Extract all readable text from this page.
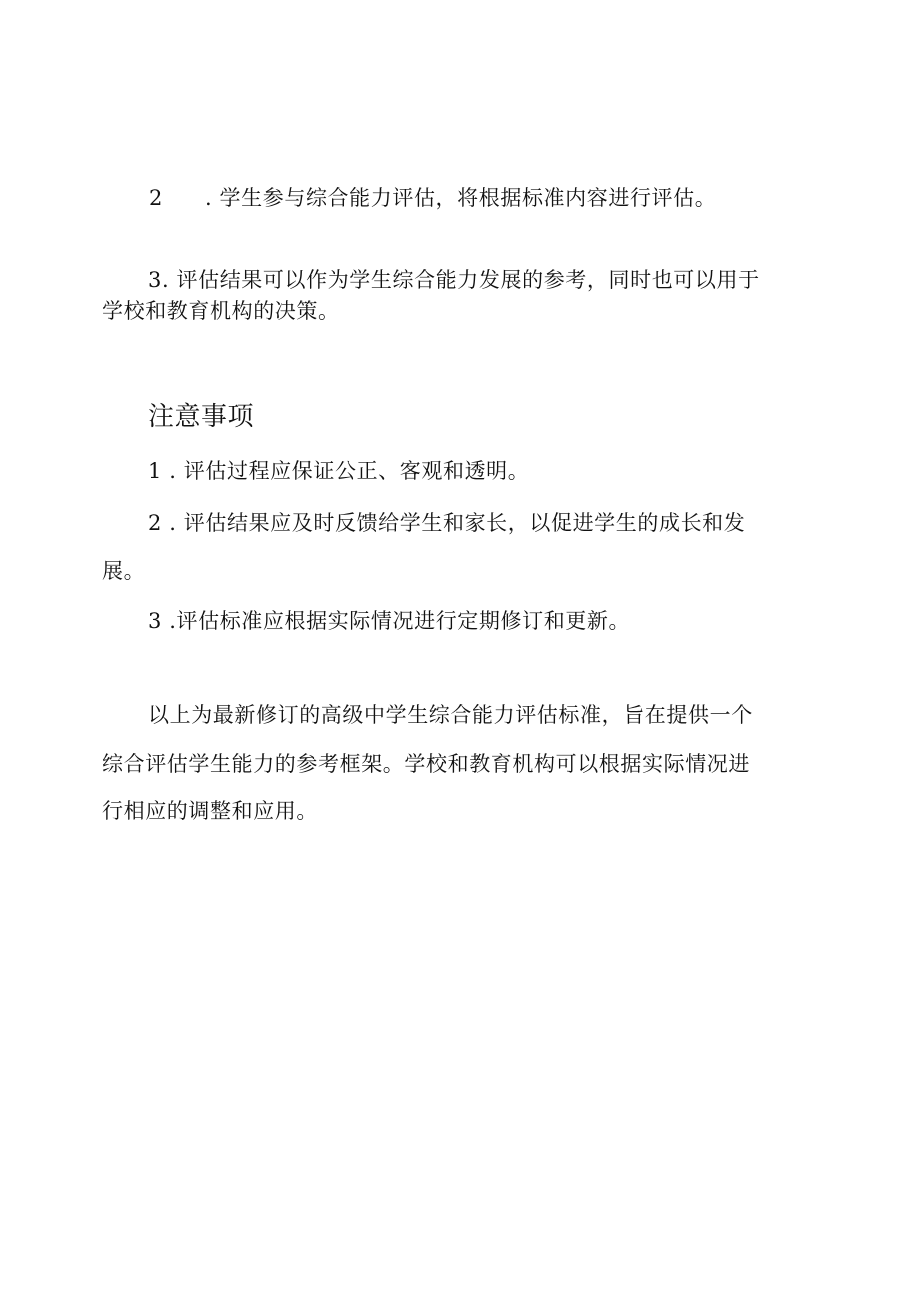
2 . 学生参与综合能力评估，将根据标准内容进行评估。

3. 评估结果可以作为学生综合能力发展的参考，同时也可以用于

学校和教育机构的决策。

注意事项

1 . 评估过程应保证公正、客观和透明。

2 . 评估结果应及时反馈给学生和家长，以促进学生的成长和发

展。

3 .评估标准应根据实际情况进行定期修订和更新。

以上为最新修订的高级中学生综合能力评估标准，旨在提供一个

综合评估学生能力的参考框架。学校和教育机构可以根据实际情况进

行相应的调整和应用。
